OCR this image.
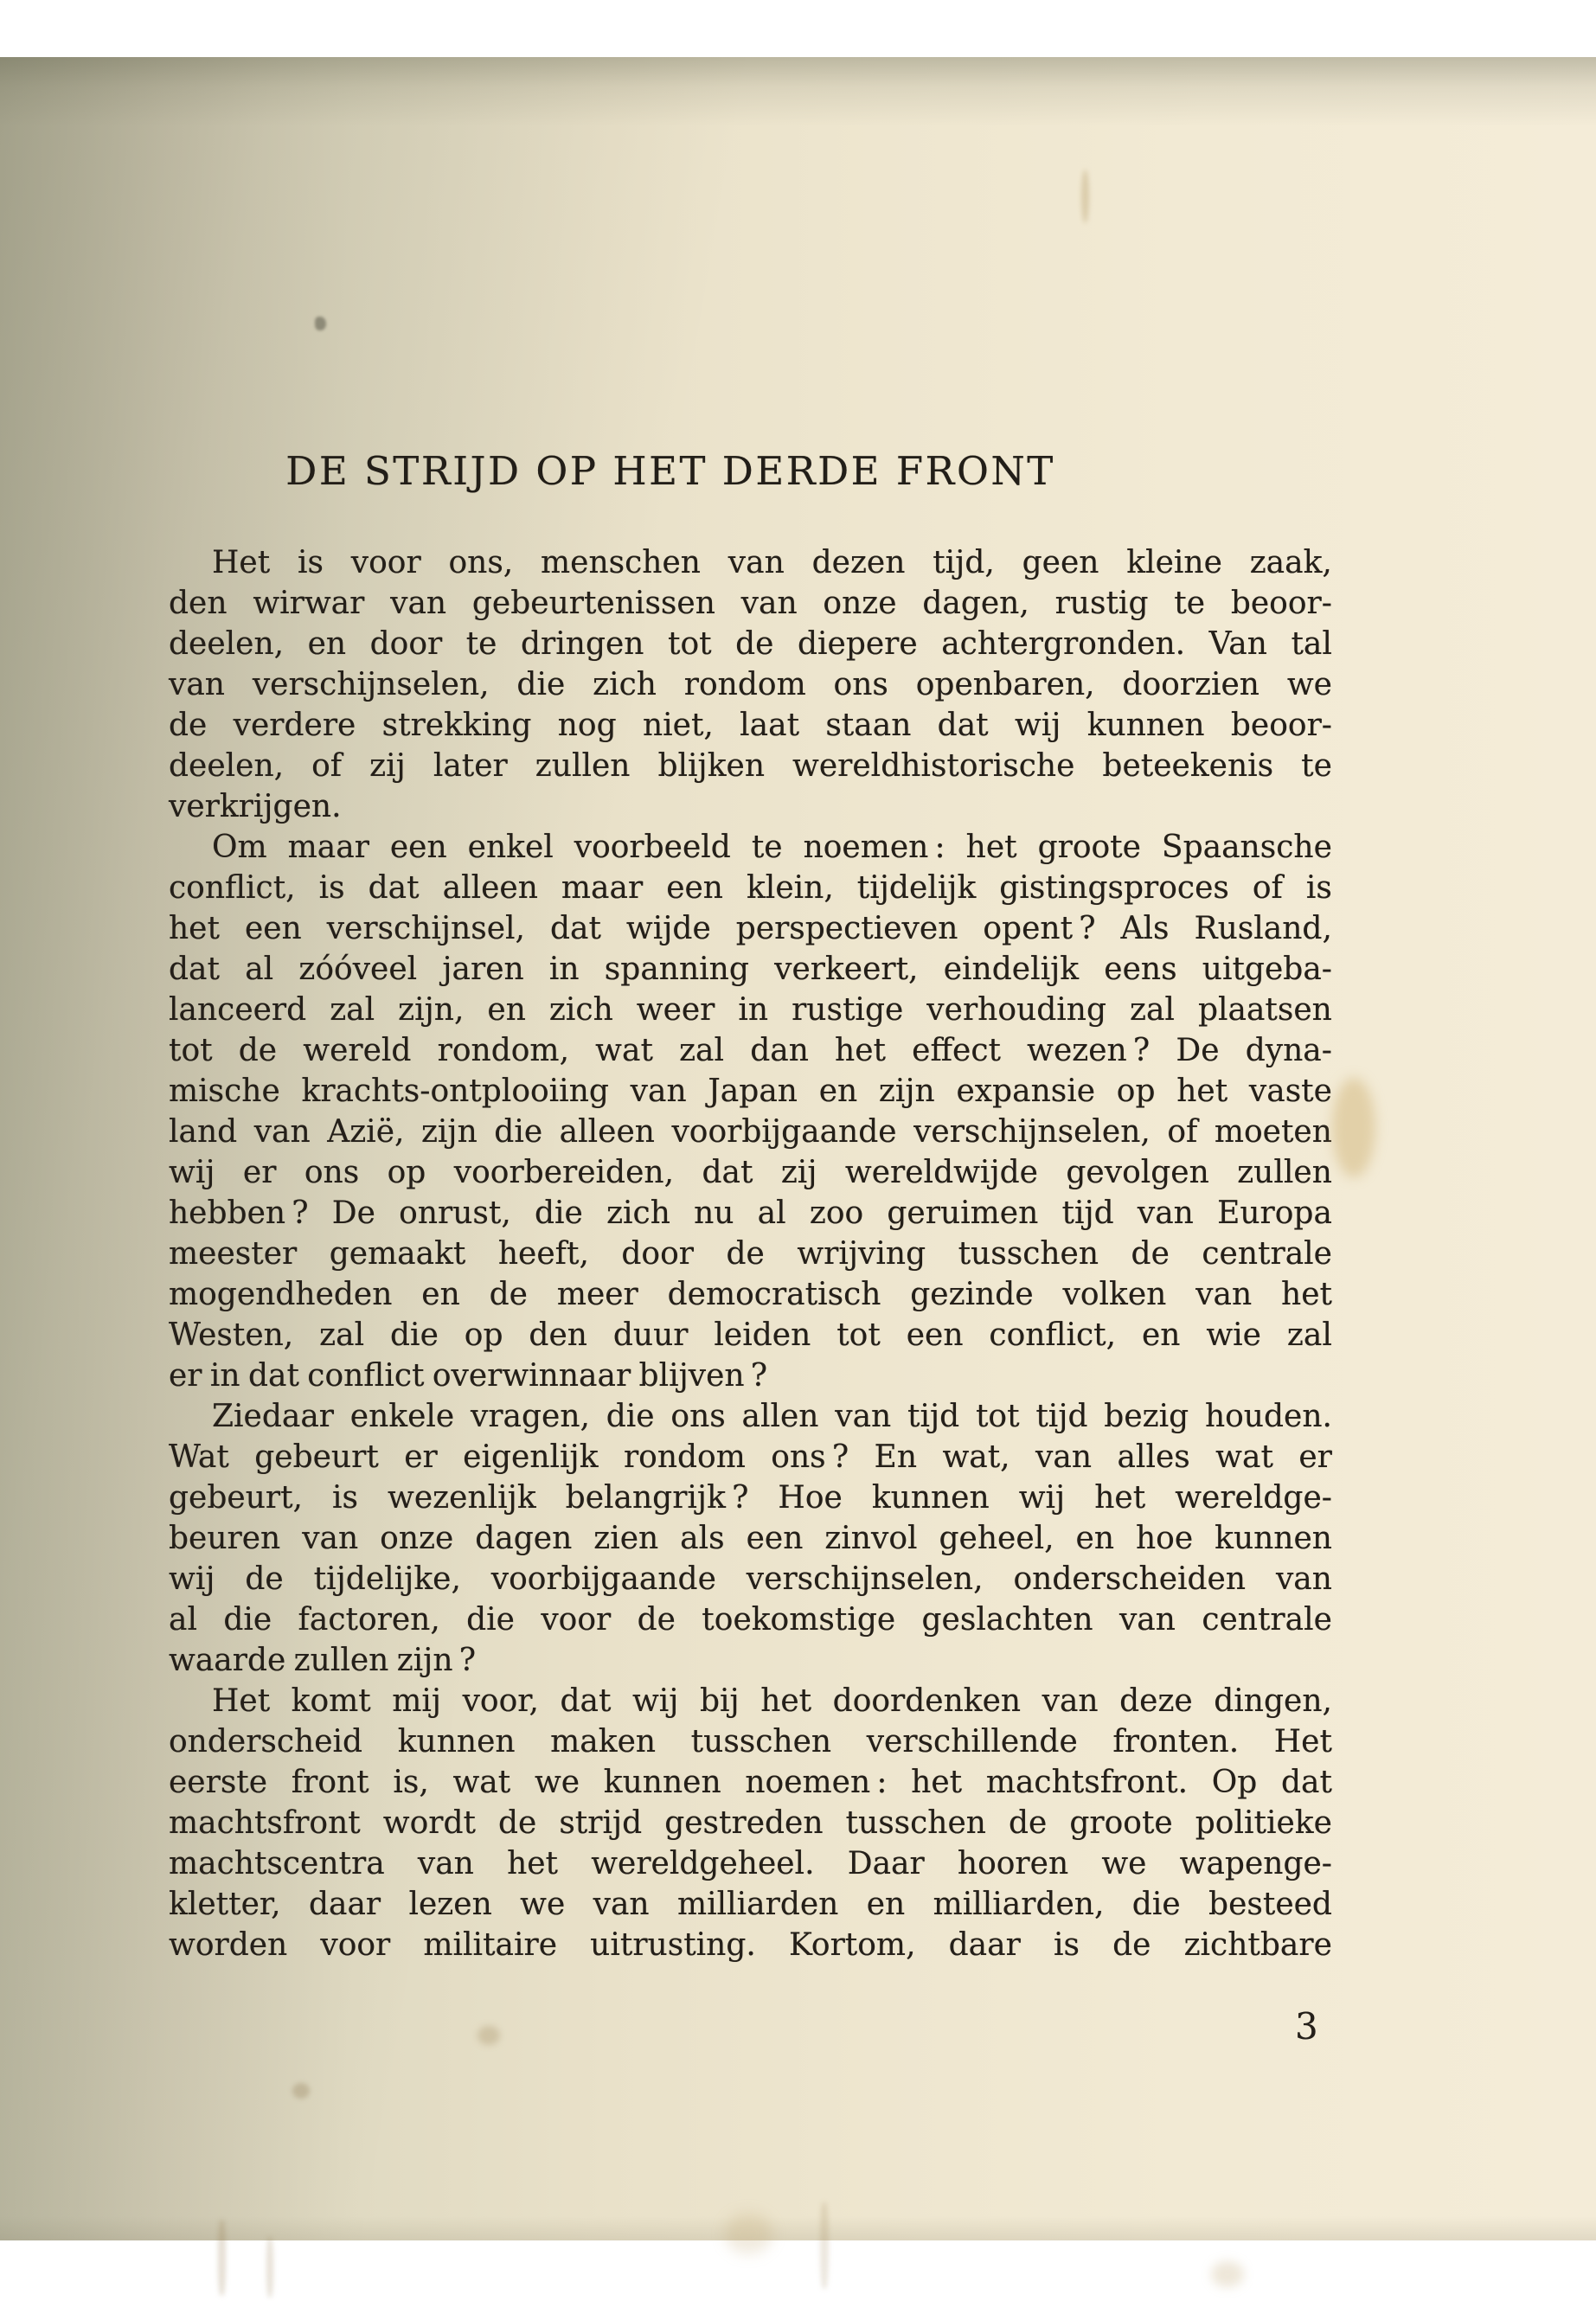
DE STRIJD OP HET DERDE FRONT
Het is voor ons, menschen van dezen tijd, geen kleine zaak,
den wirwar van gebeurtenissen van onze dagen, rustig te beoor-
deelen, en door te dringen tot de diepere achtergronden. Van tal
van verschijnselen, die zich rondom ons openbaren, doorzien we
de verdere strekking nog niet, laat staan dat wij kunnen beoor-
deelen, of zij later zullen blijken wereldhistorische beteekenis te
verkrijgen.
Om maar een enkel voorbeeld te noemen : het groote Spaansche
conflict, is dat alleen maar een klein, tijdelijk gistingsproces of is
het een verschijnsel, dat wijde perspectieven opent ? Als Rusland,
dat al zóóveel jaren in spanning verkeert, eindelijk eens uitgeba-
lanceerd zal zijn, en zich weer in rustige verhouding zal plaatsen
tot de wereld rondom, wat zal dan het effect wezen ? De dyna-
mische krachts-ontplooiing van Japan en zijn expansie op het vaste
land van Azië, zijn die alleen voorbijgaande verschijnselen, of moeten
wij er ons op voorbereiden, dat zij wereldwijde gevolgen zullen
hebben ? De onrust, die zich nu al zoo geruimen tijd van Europa
meester gemaakt heeft, door de wrijving tusschen de centrale
mogendheden en de meer democratisch gezinde volken van het
Westen, zal die op den duur leiden tot een conflict, en wie zal
er in dat conflict overwinnaar blijven ?
Ziedaar enkele vragen, die ons allen van tijd tot tijd bezig houden.
Wat gebeurt er eigenlijk rondom ons ? En wat, van alles wat er
gebeurt, is wezenlijk belangrijk ? Hoe kunnen wij het wereldge-
beuren van onze dagen zien als een zinvol geheel, en hoe kunnen
wij de tijdelijke, voorbijgaande verschijnselen, onderscheiden van
al die factoren, die voor de toekomstige geslachten van centrale
waarde zullen zijn ?
Het komt mij voor, dat wij bij het doordenken van deze dingen,
onderscheid kunnen maken tusschen verschillende fronten. Het
eerste front is, wat we kunnen noemen : het machtsfront. Op dat
machtsfront wordt de strijd gestreden tusschen de groote politieke
machtscentra van het wereldgeheel. Daar hooren we wapenge-
kletter, daar lezen we van milliarden en milliarden, die besteed
worden voor militaire uitrusting. Kortom, daar is de zichtbare
3
